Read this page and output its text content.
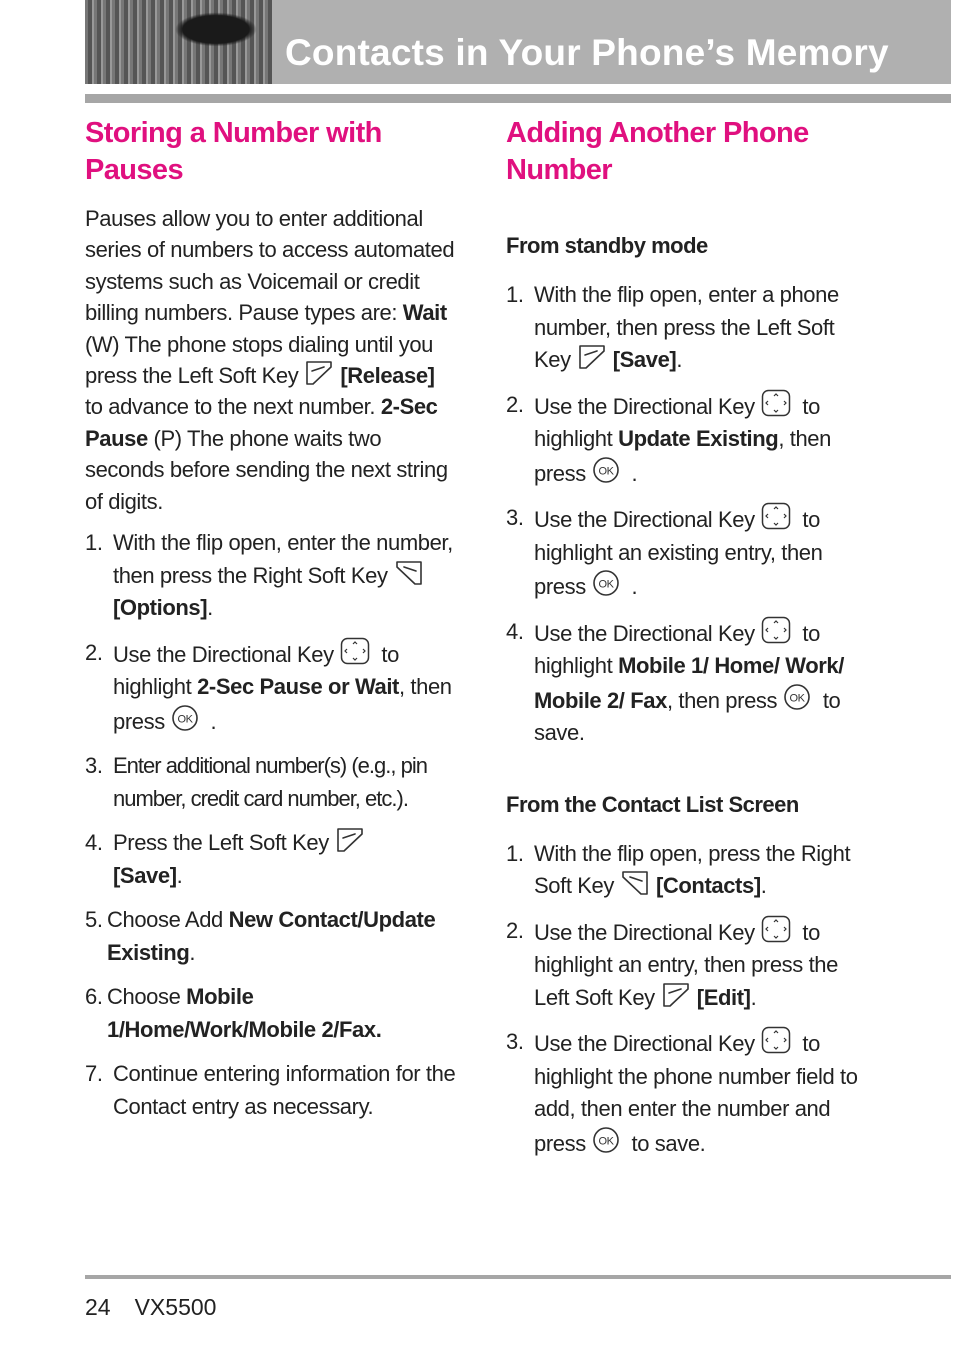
Contacts in Your Phone’s Memory
Storing a Number with Pauses

Pauses allow you to enter additional series of numbers to access automated systems such as Voicemail or credit billing numbers. Pause types are: Wait (W) The phone stops dialing until you press the Left Soft Key [Release] to advance to the next number. 2-Sec Pause (P) The phone waits two seconds before sending the next string of digits.

1. With the flip open, enter the number, then press the Right Soft Key[Options].
2. Use the Directional Key to highlight 2-Sec Pause or Wait, then press .
3. Enter additional number(s) (e.g., pin number, credit card number, etc.).
4. Press the Left Soft Key
[Save].
5. Choose Add New Contact/Update Existing.
6. Choose Mobile 1/Home/Work/Mobile 2/Fax.
7. Continue entering information for the Contact entry as necessary.
Adding Another Phone Number
From standby mode
1. With the flip open, enter a phone number, then press the Left Soft Key [Save].
2. Use the Directional Key to highlight Update Existing, then press .
3. Use the Directional Key to highlight an existing entry, then press .
4. Use the Directional Key to highlight Mobile 1/ Home/ Work/ Mobile 2/ Fax, then press to save.
From the Contact List Screen
1. With the flip open, press the Right Soft Key [Contacts].
2. Use the Directional Key to highlight an entry, then press the Left Soft Key [Edit].
3. Use the Directional Key to highlight the phone number field to add, then enter the number and press to save.
24 VX5500
